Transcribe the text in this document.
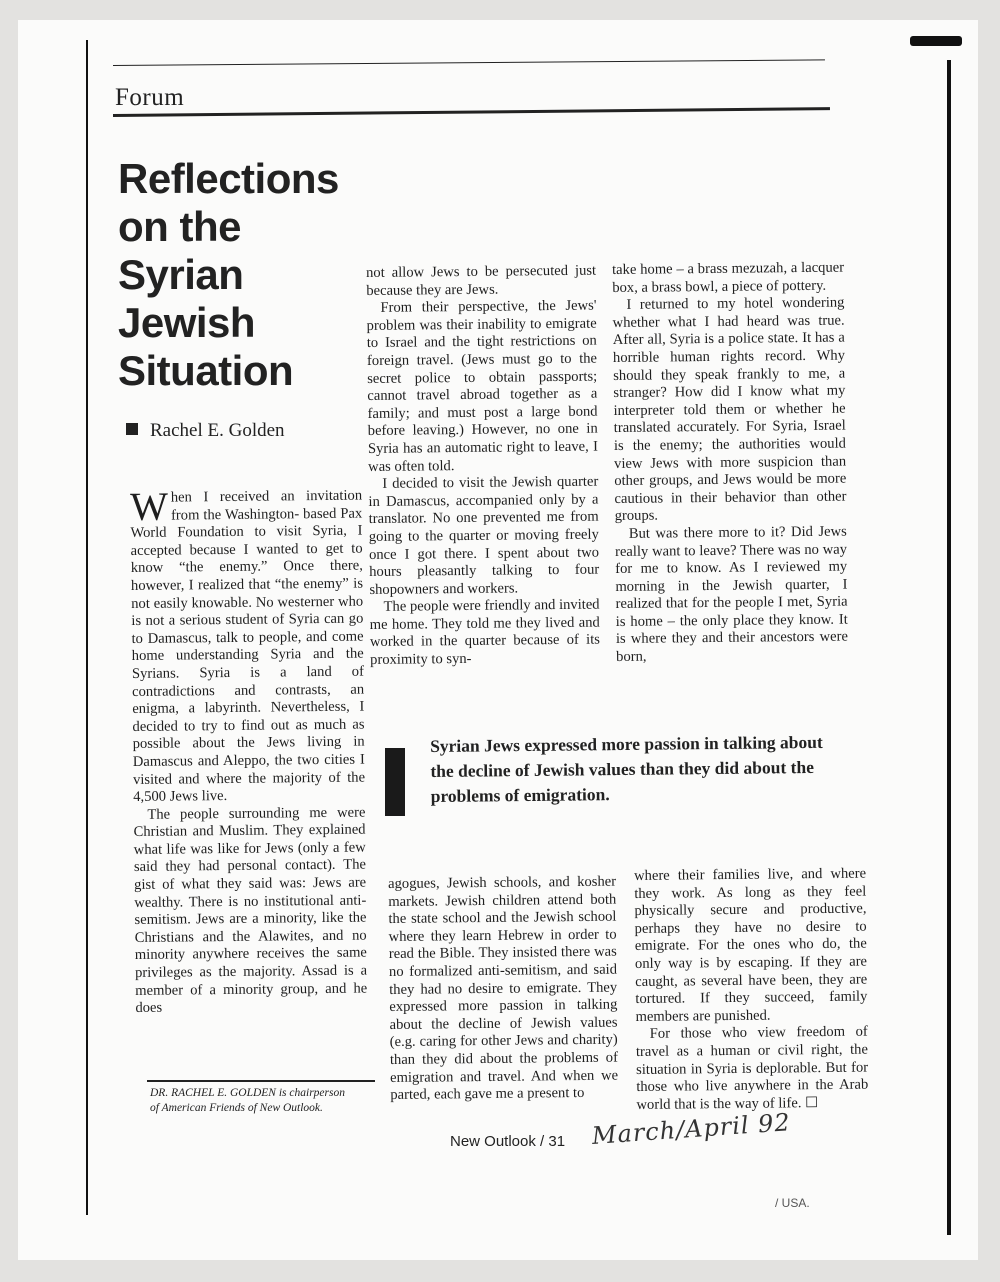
Forum
Reflections
on the
Syrian
Jewish
Situation
Rachel E. Golden

When I received an invitation from the Washington- based Pax World Foundation to visit Syria, I accepted because I wanted to get to know “the enemy.” Once there, however, I realized that “the enemy” is not easily knowable. No westerner who is not a serious student of Syria can go to Damascus, talk to people, and come home understanding Syria and the Syrians. Syria is a land of contradictions and contrasts, an enigma, a labyrinth. Nevertheless, I decided to try to find out as much as possible about the Jews living in Damascus and Aleppo, the two cities I visited and where the majority of the 4,500 Jews live.

The people surrounding me were Christian and Muslim. They explained what life was like for Jews (only a few said they had personal contact). The gist of what they said was: Jews are wealthy. There is no institutional anti-semitism. Jews are a minority, like the Christians and the Alawites, and no minority anywhere receives the same privileges as the majority. Assad is a member of a minority group, and he does

not allow Jews to be persecuted just because they are Jews.

From their perspective, the Jews' problem was their inability to emigrate to Israel and the tight restrictions on foreign travel. (Jews must go to the secret police to obtain passports; cannot travel abroad together as a family; and must post a large bond before leaving.) However, no one in Syria has an automatic right to leave, I was often told.

I decided to visit the Jewish quarter in Damascus, accompanied only by a translator. No one prevented me from going to the quarter or moving freely once I got there. I spent about two hours pleasantly talking to four shopowners and workers.

The people were friendly and invited me home. They told me they lived and worked in the quarter because of its proximity to syn-

take home – a brass mezuzah, a lacquer box, a brass bowl, a piece of pottery.

I returned to my hotel wondering whether what I had heard was true. After all, Syria is a police state. It has a horrible human rights record. Why should they speak frankly to me, a stranger? How did I know what my interpreter told them or whether he translated accurately. For Syria, Israel is the enemy; the authorities would view Jews with more suspicion than other groups, and Jews would be more cautious in their behavior than other groups.

But was there more to it? Did Jews really want to leave? There was no way for me to know. As I reviewed my morning in the Jewish quarter, I realized that for the people I met, Syria is home – the only place they know. It is where they and their ancestors were born,

Syrian Jews expressed more passion in talking about the decline of Jewish values than they did about the problems of emigration.

agogues, Jewish schools, and kosher markets. Jewish children attend both the state school and the Jewish school where they learn Hebrew in order to read the Bible. They insisted there was no formalized anti-semitism, and said they had no desire to emigrate. They expressed more passion in talking about the decline of Jewish values (e.g. caring for other Jews and charity) than they did about the problems of emigration and travel. And when we parted, each gave me a present to

where their families live, and where they work. As long as they feel physically secure and productive, perhaps they have no desire to emigrate. For the ones who do, the only way is by escaping. If they are caught, as several have been, they are tortured. If they succeed, family members are punished.

For those who view freedom of travel as a human or civil right, the situation in Syria is deplorable. But for those who live anywhere in the Arab world that is the way of life. ☐

DR. RACHEL E. GOLDEN is chairperson of American Friends of New Outlook.
New Outlook / 31 March/April 92
/ USA.
